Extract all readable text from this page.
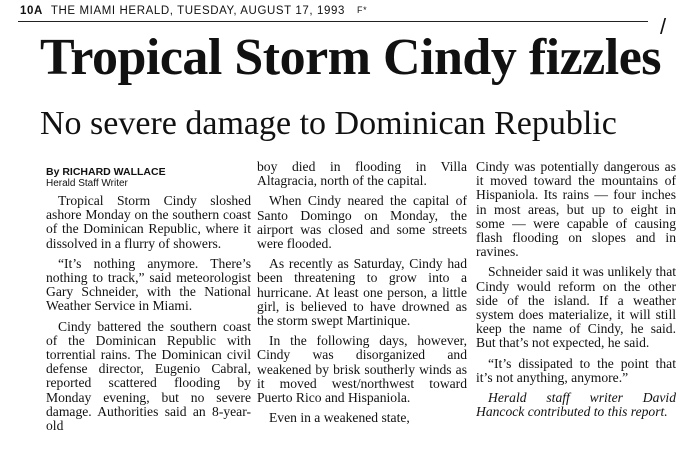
10A THE MIAMI HERALD, TUESDAY, AUGUST 17, 1993 $^{F*}$
/
Tropical Storm Cindy fizzles
No severe damage to Dominican Republic
By RICHARD WALLACE
Herald Staff Writer

Tropical Storm Cindy sloshed ashore Monday on the southern coast of the Dominican Republic, where it dissolved in a flurry of showers.

“It’s nothing anymore. There’s nothing to track,” said meteorologist Gary Schneider, with the National Weather Service in Miami.

Cindy battered the southern coast of the Dominican Republic with torrential rains. The Dominican civil defense director, Eugenio Cabral, reported scattered flooding by Monday evening, but no severe damage. Authorities said an 8-year-old

boy died in flooding in Villa Altagracia, north of the capital.

When Cindy neared the capital of Santo Domingo on Monday, the airport was closed and some streets were flooded.

As recently as Saturday, Cindy had been threatening to grow into a hurricane. At least one person, a little girl, is believed to have drowned as the storm swept Martinique.

In the following days, however, Cindy was disorganized and weakened by brisk southerly winds as it moved west/northwest toward Puerto Rico and Hispaniola.

Even in a weakened state,

Cindy was potentially dangerous as it moved toward the mountains of Hispaniola. Its rains — four inches in most areas, but up to eight in some — were capable of causing flash flooding on slopes and in ravines.

Schneider said it was unlikely that Cindy would reform on the other side of the island. If a weather system does materialize, it will still keep the name of Cindy, he said. But that’s not expected, he said.

“It’s dissipated to the point that it’s not anything, anymore.”

Herald staff writer David Hancock contributed to this report.
